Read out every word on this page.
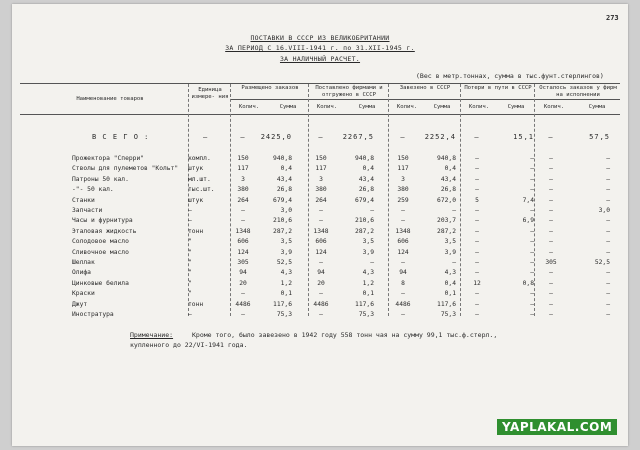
273
ПОСТАВКИ В СССР ИЗ ВЕЛИКОБРИТАНИИ
ЗА ПЕРИОД С 16.VIII-1941 г. по 31.XII-1945 г.
ЗА НАЛИЧНЫЙ РАСЧЕТ.
(Вес в метр.тоннах, сумма в тыс.фунт.стерлингов)
Наименование товаров
Единица измере- ния
Размещено заказов	Поставлено фирмами и отгружено в СССР
Завезено в СССР	Потери в пути в СССР	Осталось заказов у фирм на исполнении
Колич.	Сумма	Колич.	Сумма	Колич.	Сумма	Колич.	Сумма	Колич.	Сумма
В С Е Г О :	–	–	2425,0	–	2267,5	–	2252,4	–	15,1	–	57,5
Прожектора "Сперри"	компл.	150	940,8	150	940,8	150	940,8	–	–	–	–
Стволы для пулеметов "Кольт" штук	117	0,4	117	0,4	117	0,4	–	–	–	–
Патроны 50 кал.	мл.шт.	3	43,4	3	43,4	3	43,4	–	–	–	–
-"- 50 кал.	тыс.шт.	380	26,8	380	26,8	380	26,8	–	–	–	–
Станки	штук	264	679,4	264	679,4	259	672,0	5	7,4	–	–
Запчасти	–	–	3,0	–	–	–	–	–	–	–	3,0
Часы и фурнитура	–	–	210,6	–	210,6	–	203,7	–	6,9	–	–
Эталовая жидкость	тонн	1348	287,2	1348	287,2	1348	287,2	–	–	–	–
Солодовое масло	"	606	3,5	606	3,5	606	3,5	–	–	–	–
Сливочное масло	"	124	3,9	124	3,9	124	3,9	–	–	–	–
Шеллак	"	305	52,5	–	–	–	–	–	–	305	52,5
Олифа	"	94	4,3	94	4,3	94	4,3	–	–	–	–
Цинковые белила	"	20	1,2	20	1,2	8	0,4	12	0,8	–	–
Краски	"	–	0,1	–	0,1	–	0,1	–	–	–	–
Джут	тонн	4486	117,6	4486	117,6	4486	117,6	–	–	–	–
Иностратура	–	–	75,3	–	75,3	–	75,3	–	–	–	–
Примечание:	Кроме того, было завезено в 1942 году 558 тонн чая на сумму 99,1 тыс.ф.стерл.,
купленного до 22/VI-1941 года.
YAPLAKAL.COM
